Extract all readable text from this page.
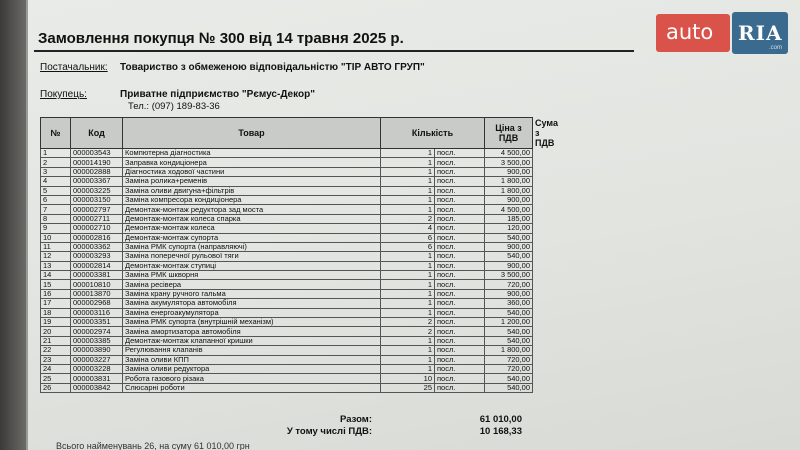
Замовлення покупця № 300 від 14 травня 2025 р.
Постачальник: Товариство з обмеженою відповідальністю "ТІР АВТО ГРУП"
Покупець:	Приватне підприємство "Рємус-Декор"
Тел.: (097) 189-83-36
№	Код	Товар	Кількість		Ціна з ПДВ	
1	000003543	Компютерна діагностика	1	посл.	4 500,00	
2	000014190	Заправка кондиціонера	1	посл.	3 500,00	
3	000002888	Діагностика ходової частини	1	посл.	900,00	
4	000003367	Заміна ролика+ременів	1	посл.	1 800,00	
5	000003225	Заміна оливи двигуна+фільтрів	1	посл.	1 800,00	
6	000003150	Заміна компресора кондиціонера	1	посл.	900,00	
7	000002797	Демонтаж-монтаж редуктора зад моста	1	посл.	4 500,00	
8	000002711	Демонтаж-монтаж колеса спарка	2	посл.	185,00	
9	000002710	Демонтаж-монтаж колеса	4	посл.	120,00	
10	000002816	Демонтаж-монтаж супорта	6	посл.	540,00	
11	000003362	Заміна РМК супорта (направляючі)	6	посл.	900,00	
12	000003293	Заміна поперечної рульової тяги	1	посл.	540,00	
13	000002814	Демонтаж-монтаж ступиці	1	посл.	900,00	
14	000003381	Заміна РМК шкворня	1	посл.	3 500,00	
15	000010810	Заміна ресівера	1	посл.	720,00	
16	000013870	Заміна крану ручного гальма	1	посл.	900,00	
17	000002968	Заміна акумулятора автомобіля	1	посл.	360,00	
18	000003116	Заміна енергоакумулятора	1	посл.	540,00	
19	000003351	Заміна РМК супорта (внутрішній механізм)	2	посл.	1 200,00	
20	000002974	Заміна амортизатора автомобіля	2	посл.	540,00	
21	000003385	Демонтаж-монтаж клапанної кришки	1	посл.	540,00	
22	000003890	Регулювання клапанів	1	посл.	1 800,00	
23	000003227	Заміна оливи КПП	1	посл.	720,00	
24	000003228	Заміна оливи редуктора	1	посл.	720,00	
25	000003831	Робота газового різака	10	посл.	540,00	
26	000003842	Слюсарні роботи	25	посл.	540,00	
Разом:	61 010,00
У тому числі ПДВ:	10 168,33
Всього найменувань 26, на суму 61 010,00 грн
auto RIA
.com
